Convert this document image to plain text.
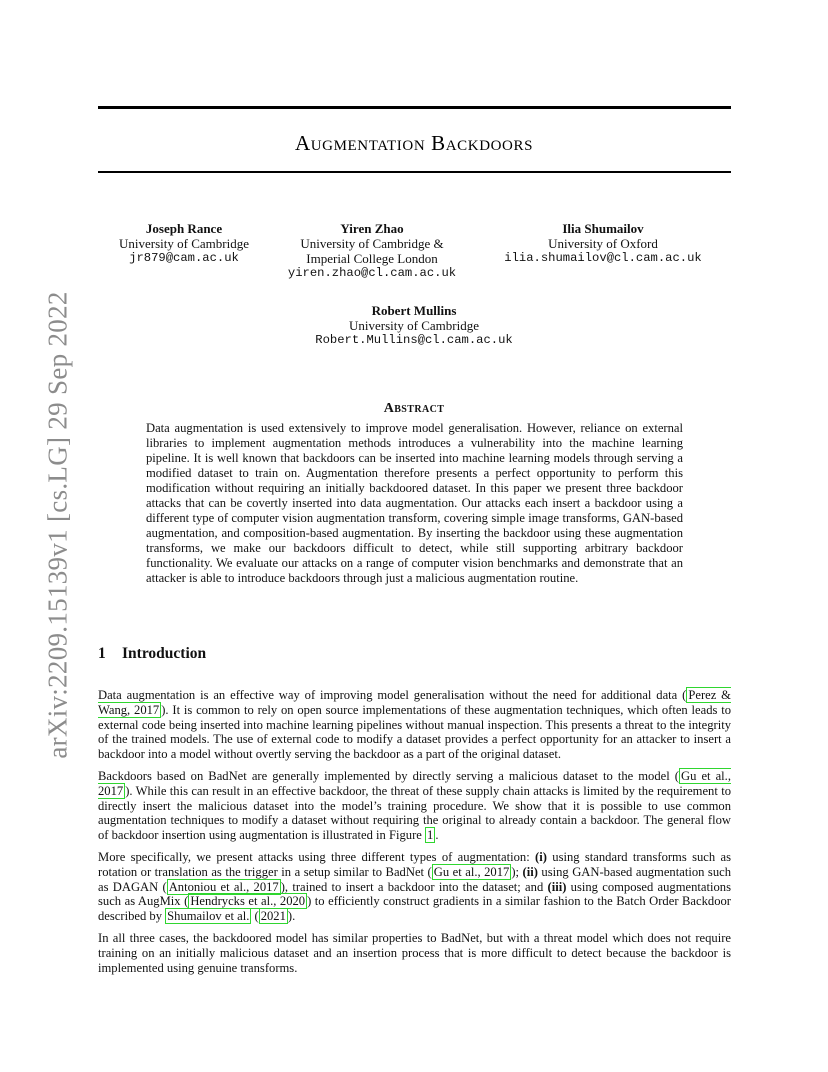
arXiv:2209.15139v1 [cs.LG] 29 Sep 2022
Augmentation Backdoors
Joseph Rance
University of Cambridge
jr879@cam.ac.uk
Yiren Zhao
University of Cambridge &
Imperial College London
yiren.zhao@cl.cam.ac.uk
Ilia Shumailov
University of Oxford
ilia.shumailov@cl.cam.ac.uk
Robert Mullins
University of Cambridge
Robert.Mullins@cl.cam.ac.uk
Abstract
Data augmentation is used extensively to improve model generalisation. However, reliance on external libraries to implement augmentation methods introduces a vulnerability into the machine learning pipeline. It is well known that backdoors can be inserted into machine learning models through serving a modified dataset to train on. Augmentation therefore presents a perfect opportunity to perform this modification without requiring an initially backdoored dataset. In this paper we present three backdoor attacks that can be covertly inserted into data augmentation. Our attacks each insert a backdoor using a different type of computer vision augmentation transform, covering simple image transforms, GAN-based augmentation, and composition-based augmentation. By inserting the backdoor using these augmentation transforms, we make our backdoors difficult to detect, while still supporting arbitrary backdoor functionality. We evaluate our attacks on a range of computer vision benchmarks and demonstrate that an attacker is able to introduce backdoors through just a malicious augmentation routine.
1 Introduction

Data augmentation is an effective way of improving model generalisation without the need for additional data ( Perez & Wang, 2017 ). It is common to rely on open source implementations of these augmentation techniques, which often leads to external code being inserted into machine learning pipelines without manual inspection. This presents a threat to the integrity of the trained models. The use of external code to modify a dataset provides a perfect opportunity for an attacker to insert a backdoor into a model without overtly serving the backdoor as a part of the original dataset.

Backdoors based on BadNet are generally implemented by directly serving a malicious dataset to the model ( Gu et al., 2017 ). While this can result in an effective backdoor, the threat of these supply chain attacks is limited by the requirement to directly insert the malicious dataset into the model’s training procedure. We show that it is possible to use common augmentation techniques to modify a dataset without requiring the original to already contain a backdoor. The general flow of backdoor insertion using augmentation is illustrated in Figure 1 .

More specifically, we present attacks using three different types of augmentation: (i) using standard transforms such as rotation or translation as the trigger in a setup similar to BadNet ( Gu et al., 2017 ); (ii) using GAN-based augmentation such as DAGAN ( Antoniou et al., 2017 ), trained to insert a backdoor into the dataset; and (iii) using composed augmentations such as AugMix ( Hendrycks et al., 2020 ) to efficiently construct gradients in a similar fashion to the Batch Order Backdoor described by Shumailov et al. ( 2021 ).

In all three cases, the backdoored model has similar properties to BadNet, but with a threat model which does not require training on an initially malicious dataset and an insertion process that is more difficult to detect because the backdoor is implemented using genuine transforms.
